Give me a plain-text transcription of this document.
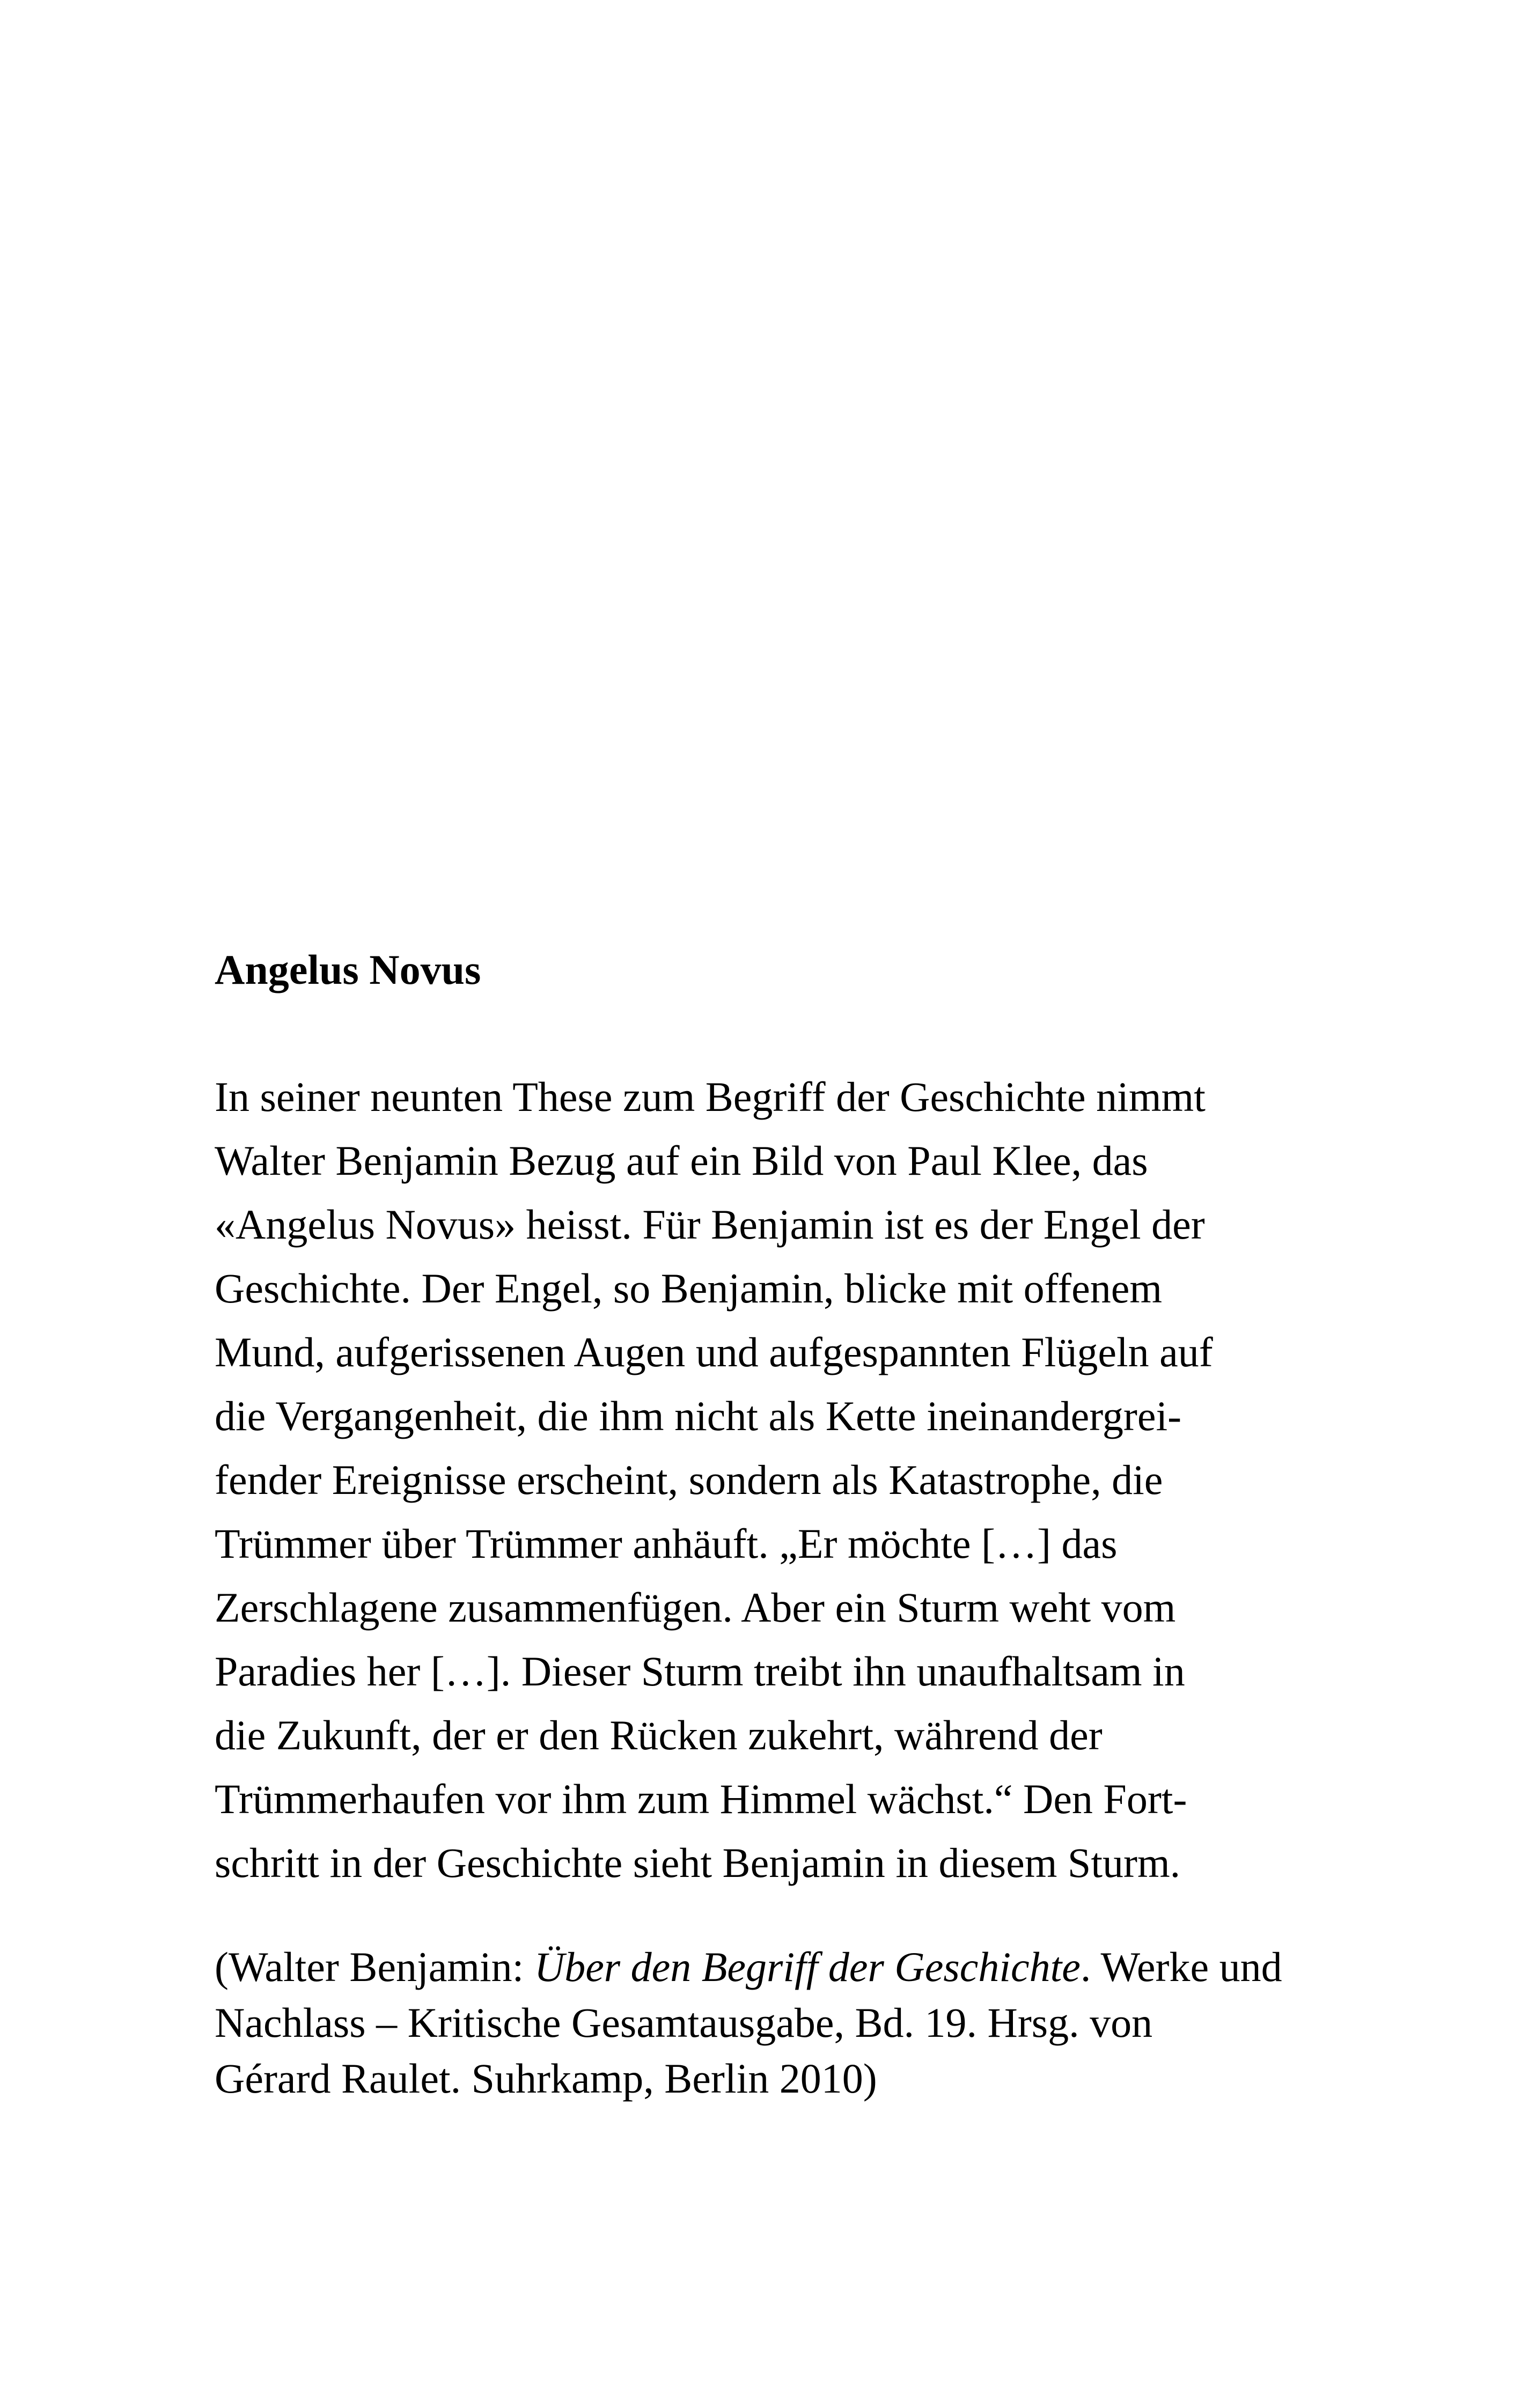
Angelus Novus

In seiner neunten These zum Begriff der Geschichte nimmt
Walter Benjamin Bezug auf ein Bild von Paul Klee, das
«Angelus Novus» heisst. Für Benjamin ist es der Engel der
Geschichte. Der Engel, so Benjamin, blicke mit offenem
Mund, aufgerissenen Augen und aufgespannten Flügeln auf
die Vergangenheit, die ihm nicht als Kette ineinandergrei-
fender Ereignisse erscheint, sondern als Katastrophe, die
Trümmer über Trümmer anhäuft. „Er möchte […] das
Zerschlagene zusammenfügen. Aber ein Sturm weht vom
Paradies her […]. Dieser Sturm treibt ihn unaufhaltsam in
die Zukunft, der er den Rücken zukehrt, während der
Trümmerhaufen vor ihm zum Himmel wächst.“ Den Fort-
schritt in der Geschichte sieht Benjamin in diesem Sturm.

(Walter Benjamin: Über den Begriff der Geschichte. Werke und
Nachlass – Kritische Gesamtausgabe, Bd. 19. Hrsg. von
Gérard Raulet. Suhrkamp, Berlin 2010)
